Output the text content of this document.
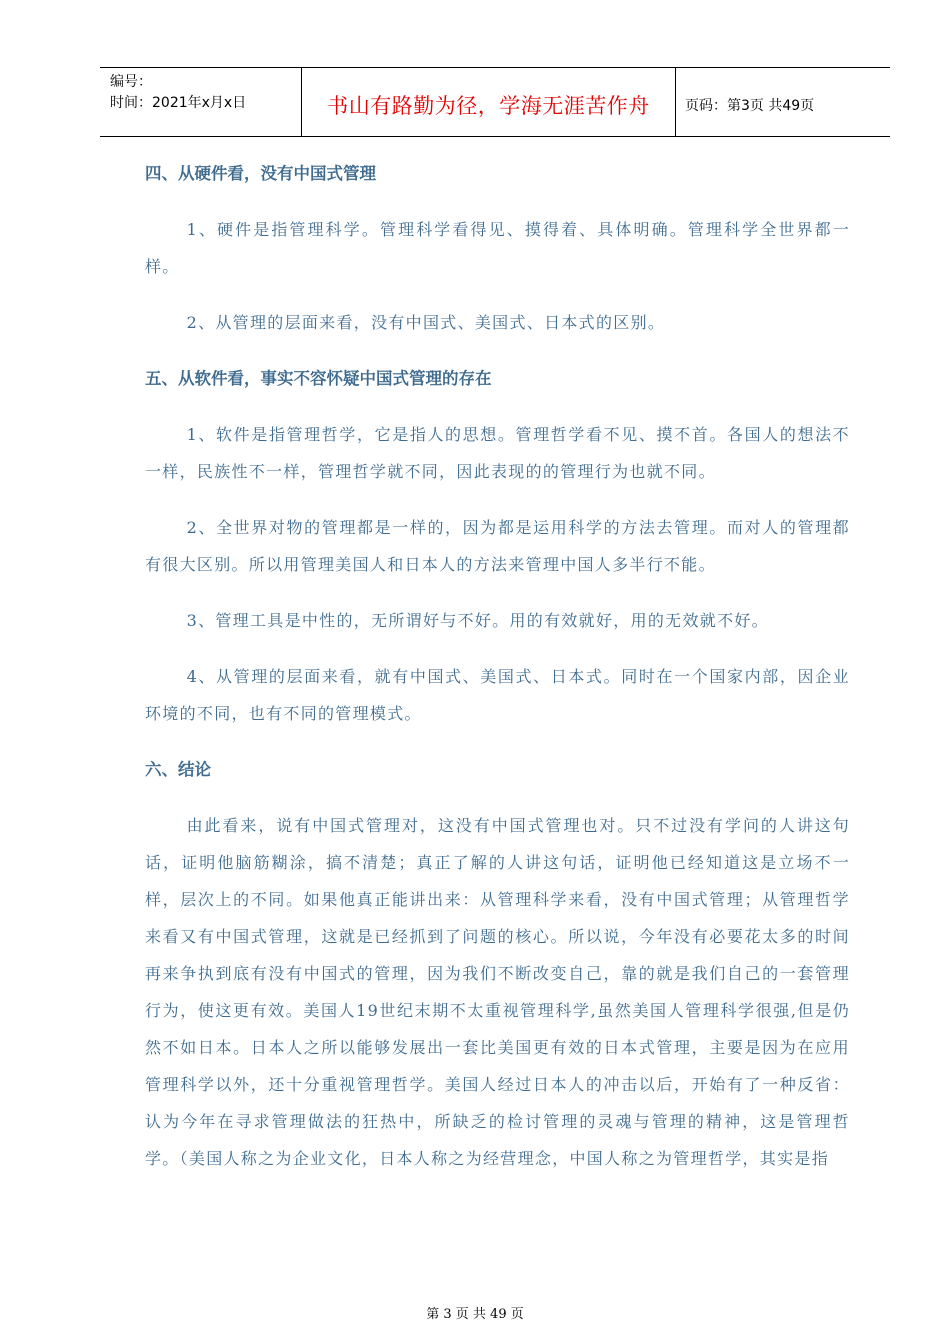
编号：
时间：2021年x月x日	书山有路勤为径，学海无涯苦作舟	页码：第3页 共49页

四、从硬件看，没有中国式管理

1、硬件是指管理科学。管理科学看得见、摸得着、具体明确。管理科学全世界都一样。

2、从管理的层面来看，没有中国式、美国式、日本式的区别。

五、从软件看，事实不容怀疑中国式管理的存在

1、软件是指管理哲学，它是指人的思想。管理哲学看不见、摸不首。各国人的想法不一样，民族性不一样，管理哲学就不同，因此表现的的管理行为也就不同。

2、全世界对物的管理都是一样的，因为都是运用科学的方法去管理。而对人的管理都有很大区别。所以用管理美国人和日本人的方法来管理中国人多半行不能。

3、管理工具是中性的，无所谓好与不好。用的有效就好，用的无效就不好。

4、从管理的层面来看，就有中国式、美国式、日本式。同时在一个国家内部，因企业环境的不同，也有不同的管理模式。

六、结论

由此看来，说有中国式管理对，这没有中国式管理也对。只不过没有学问的人讲这句话，证明他脑筋糊涂，搞不清楚；真正了解的人讲这句话，证明他已经知道这是立场不一样，层次上的不同。如果他真正能讲出来：从管理科学来看，没有中国式管理；从管理哲学来看又有中国式管理，这就是已经抓到了问题的核心。所以说，今年没有必要花太多的时间再来争执到底有没有中国式的管理，因为我们不断改变自己，靠的就是我们自己的一套管理行为，使这更有效。美国人19世纪末期不太重视管理科学,虽然美国人管理科学很强,但是仍然不如日本。日本人之所以能够发展出一套比美国更有效的日本式管理，主要是因为在应用管理科学以外，还十分重视管理哲学。美国人经过日本人的冲击以后，开始有了一种反省：认为今年在寻求管理做法的狂热中，所缺乏的检讨管理的灵魂与管理的精神，这是管理哲学。（美国人称之为企业文化，日本人称之为经营理念，中国人称之为管理哲学，其实是指

第 3 页 共 49 页
